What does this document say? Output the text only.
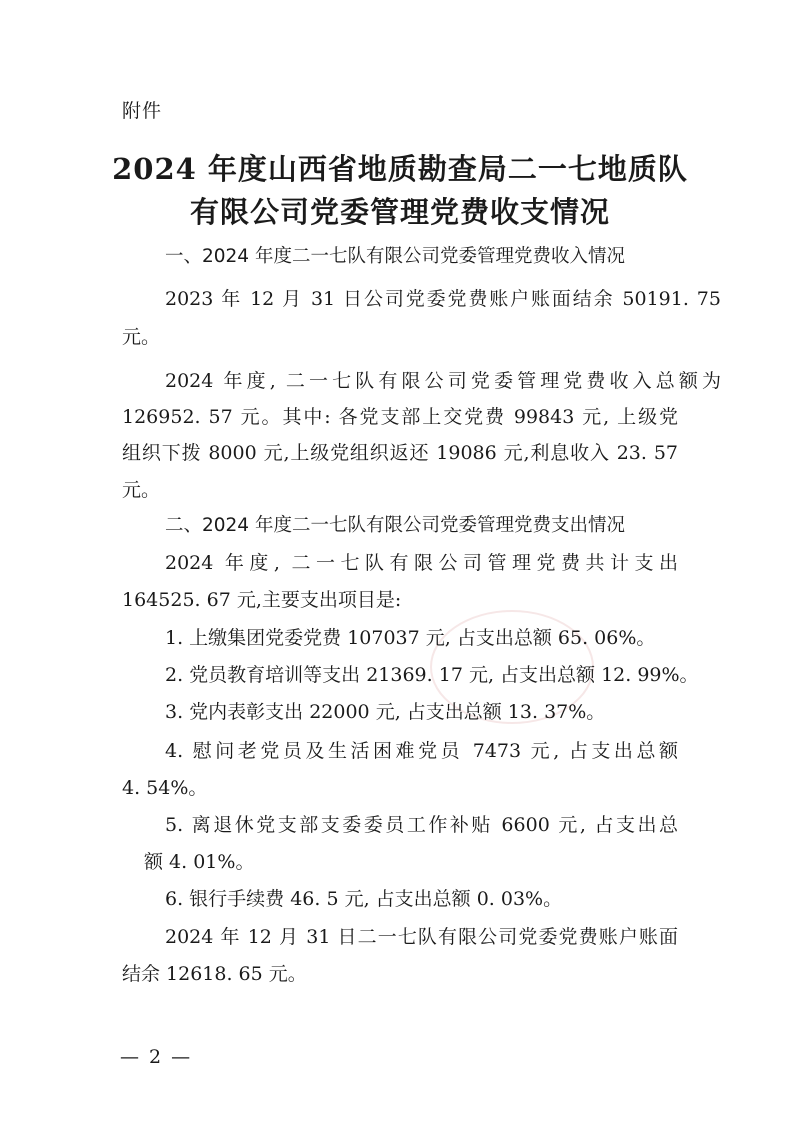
附件
2024 年度山西省地质勘查局二一七地质队
有限公司党委管理党费收支情况
一、2024 年度二一七队有限公司党委管理党费收入情况
2023 年 12 月 31 日公司党委党费账户账面结余 50191. 75
元。
2024 年度, 二一七队有限公司党委管理党费收入总额为
126952. 57 元。其中: 各党支部上交党费 99843 元, 上级党
组织下拨 8000 元,上级党组织返还 19086 元,利息收入 23. 57
元。
二、2024 年度二一七队有限公司党委管理党费支出情况
2024 年度, 二一七队有限公司管理党费共计支出
164525. 67 元,主要支出项目是:
1. 上缴集团党委党费 107037 元, 占支出总额 65. 06%。
2. 党员教育培训等支出 21369. 17 元, 占支出总额 12. 99%。
3. 党内表彰支出 22000 元, 占支出总额 13. 37%。
4. 慰问老党员及生活困难党员 7473 元, 占支出总额
4. 54%。
5. 离退休党支部支委委员工作补贴 6600 元, 占支出总
额 4. 01%。
6. 银行手续费 46. 5 元, 占支出总额 0. 03%。
2024 年 12 月 31 日二一七队有限公司党委党费账户账面
结余 12618. 65 元。
— 2 —
